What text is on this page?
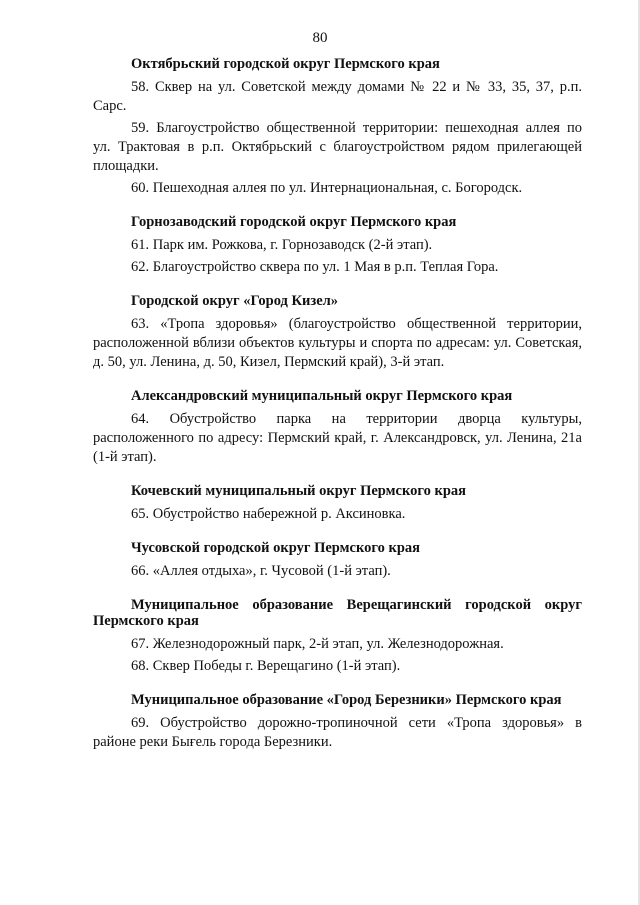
80
Октябрьский городской округ Пермского края
58. Сквер на ул. Советской между домами № 22 и № 33, 35, 37, р.п. Сарс.
59. Благоустройство общественной территории: пешеходная аллея по ул. Трактовая в р.п. Октябрьский с благоустройством рядом прилегающей площадки.
60. Пешеходная аллея по ул. Интернациональная, с. Богородск.
Горнозаводский городской округ Пермского края
61. Парк им. Рожкова, г. Горнозаводск (2-й этап).
62. Благоустройство сквера по ул. 1 Мая в р.п. Теплая Гора.
Городской округ «Город Кизел»
63. «Тропа здоровья» (благоустройство общественной территории, расположенной вблизи объектов культуры и спорта по адресам: ул. Советская, д. 50, ул. Ленина, д. 50, Кизел, Пермский край), 3-й этап.
Александровский муниципальный округ Пермского края
64. Обустройство парка на территории дворца культуры, расположенного по адресу: Пермский край, г. Александровск, ул. Ленина, 21а (1-й этап).
Кочевский муниципальный округ Пермского края
65. Обустройство набережной р. Аксиновка.
Чусовской городской округ Пермского края
66. «Аллея отдыха», г. Чусовой (1-й этап).
Муниципальное образование Верещагинский городской округ Пермского края
67. Железнодорожный парк, 2-й этап, ул. Железнодорожная.
68. Сквер Победы г. Верещагино (1-й этап).
Муниципальное образование «Город Березники» Пермского края
69. Обустройство дорожно-тропиночной сети «Тропа здоровья» в районе реки Бығель города Березники.
